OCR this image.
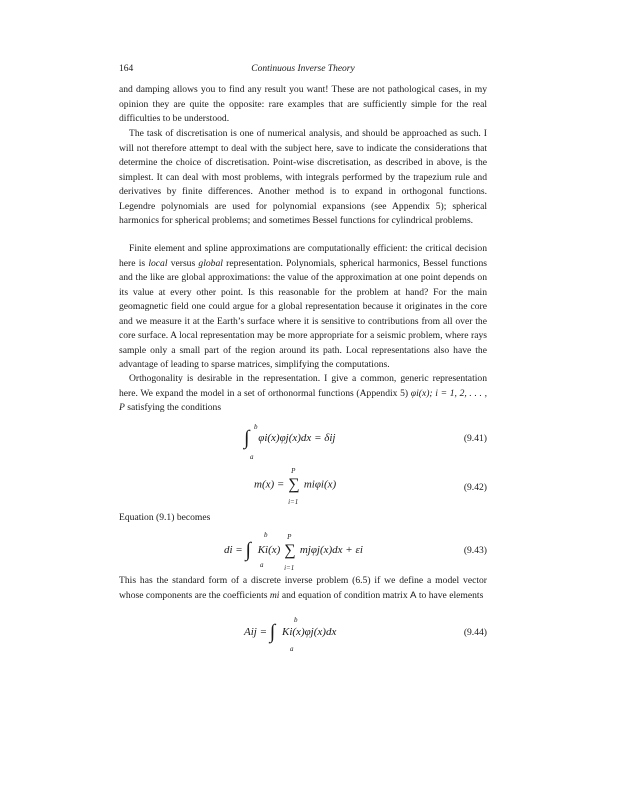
164	Continuous Inverse Theory

and damping allows you to find any result you want! These are not pathological cases, in my opinion they are quite the opposite: rare examples that are sufficiently simple for the real difficulties to be understood.

The task of discretisation is one of numerical analysis, and should be approached as such. I will not therefore attempt to deal with the subject here, save to indicate the considerations that determine the choice of discretisation. Point-wise discretisation, as described in above, is the simplest. It can deal with most problems, with integrals performed by the trapezium rule and derivatives by finite differences. Another method is to expand in orthogonal functions. Legendre polynomials are used for polynomial expansions (see Appendix 5); spherical harmonics for spherical problems; and sometimes Bessel functions for cylindrical problems.

Finite element and spline approximations are computationally efficient: the critical decision here is local versus global representation. Polynomials, spherical harmonics, Bessel functions and the like are global approximations: the value of the approximation at one point depends on its value at every other point. Is this reasonable for the problem at hand? For the main geomagnetic field one could argue for a global representation because it originates in the core and we measure it at the Earth’s surface where it is sensitive to contributions from all over the core surface. A local representation may be more appropriate for a seismic problem, where rays sample only a small part of the region around its path. Local representations also have the advantage of leading to sparse matrices, simplifying the computations.

Orthogonality is desirable in the representation. I give a common, generic representation here. We expand the model in a set of orthonormal functions (Appendix 5) φi(x); i = 1, 2, . . . , P satisfying the conditions

∫ b
a
φi(x)φj(x)dx = δij	(9.41)
m(x) = ∑
P
i=1
miφi(x)	(9.42)

Equation (9.1) becomes

di = ∫
b
a
Ki(x) ∑
P
i=1
mjφj(x)dx + εi	(9.43)

This has the standard form of a discrete inverse problem (6.5) if we define a model vector whose components are the coefficients mi and equation of condition matrix A to have elements

Aij = ∫
b
a
Ki(x)φj(x)dx	(9.44)
